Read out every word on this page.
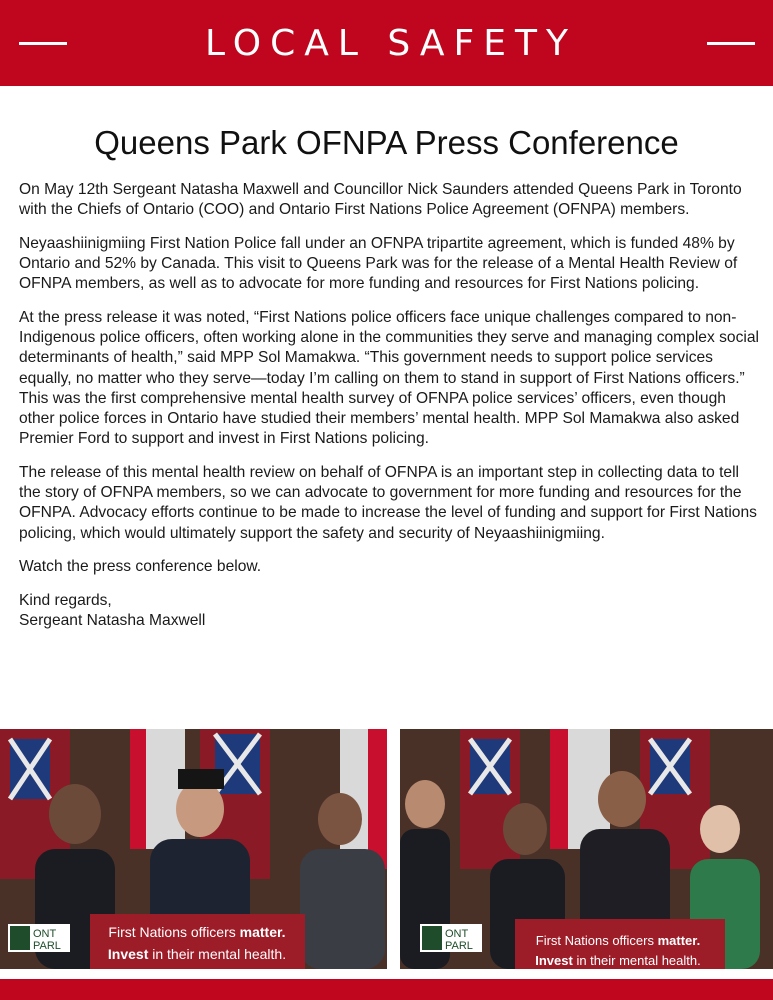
LOCAL SAFETY
Queens Park OFNPA Press Conference

On May 12th Sergeant Natasha Maxwell and Councillor Nick Saunders attended Queens Park in Toronto with the Chiefs of Ontario (COO) and Ontario First Nations Police Agreement (OFNPA) members.

Neyaashiinigmiing First Nation Police fall under an OFNPA tripartite agreement, which is funded 48% by Ontario and 52% by Canada. This visit to Queens Park was for the release of a Mental Health Review of OFNPA members, as well as to advocate for more funding and resources for First Nations policing.

At the press release it was noted, “First Nations police officers face unique challenges compared to non-Indigenous police officers, often working alone in the communities they serve and managing complex social determinants of health,” said MPP Sol Mamakwa. “This government needs to support police services equally, no matter who they serve—today I’m calling on them to stand in support of First Nations officers.” This was the first comprehensive mental health survey of OFNPA police services’ officers, even though other police forces in Ontario have studied their members’ mental health. MPP Sol Mamakwa also asked Premier Ford to support and invest in First Nations policing.

The release of this mental health review on behalf of OFNPA is an important step in collecting data to tell the story of OFNPA members, so we can advocate to government for more funding and resources for the OFNPA. Advocacy efforts continue to be made to increase the level of funding and support for First Nations policing, which would ultimately support the safety and security of Neyaashiinigmiing.

Watch the press conference below.

Kind regards,
Sergeant Natasha Maxwell

First Nations officers matter.
Invest in their mental health.
ONT
PARL	First Nations officers matter.
Invest in their mental health.
ONT
PARL
